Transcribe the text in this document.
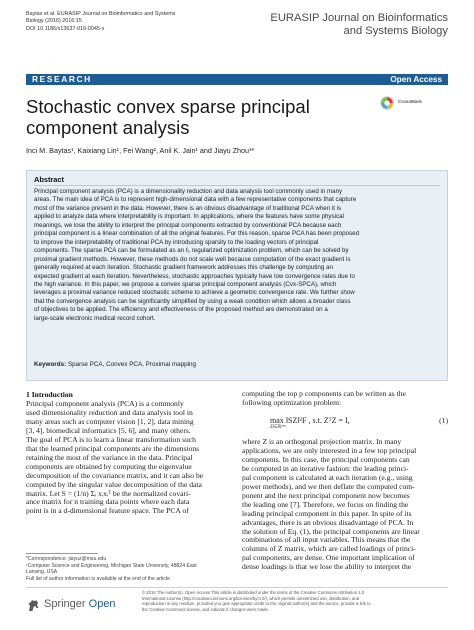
Baytas et al. EURASIP Journal on Bioinformatics and Systems
Biology (2016) 2016:15
DOI 10.1186/s13637-016-0045-x
EURASIP Journal on Bioinformatics
and Systems Biology
RESEARCH	Open Access
Stochastic convex sparse principal
component analysis
CrossMark
Inci M. Baytas¹, Kaixiang Lin¹, Fei Wang², Anil K. Jain¹ and Jiayu Zhou¹*
Abstract
Principal component analysis (PCA) is a dimensionality reduction and data analysis tool commonly used in many
areas. The main idea of PCA is to represent high-dimensional data with a few representative components that capture
most of the variance present in the data. However, there is an obvious disadvantage of traditional PCA when it is
applied to analyze data where interpretability is important. In applications, where the features have some physical
meanings, we lose the ability to interpret the principal components extracted by conventional PCA because each
principal component is a linear combination of all the original features. For this reason, sparse PCA has been proposed
to improve the interpretability of traditional PCA by introducing sparsity to the loading vectors of principal
components. The sparse PCA can be formulated as an ℓ₁ regularized optimization problem, which can be solved by
proximal gradient methods. However, these methods do not scale well because computation of the exact gradient is
generally required at each iteration. Stochastic gradient framework addresses this challenge by computing an
expected gradient at each iteration. Nevertheless, stochastic approaches typically have low convergence rates due to
the high variance. In this paper, we propose a convex sparse principal component analysis (Cvx-SPCA), which
leverages a proximal variance reduced stochastic scheme to achieve a geometric convergence rate. We further show
that the convergence analysis can be significantly simplified by using a weak condition which allows a broader class
of objectives to be applied. The efficiency and effectiveness of the proposed method are demonstrated on a
large-scale electronic medical record cohort.
Keywords: Sparse PCA, Convex PCA, Proximal mapping
1 Introduction
Principal component analysis (PCA) is a commonly
used dimensionality reduction and data analysis tool in
many areas such as computer vision [1, 2], data mining
[3, 4], biomedical informatics [5, 6], and many others.
The goal of PCA is to learn a linear transformation such
that the learned principal components are the dimensions
retaining the most of the variance in the data. Principal
components are obtained by computing the eigenvalue
decomposition of the covariance matrix, and it can also be
computed by the singular value decomposition of the data
matrix. Let S = (1/n) Σᵢ xᵢxᵢᵀ be the normalized covari-
ance matrix for n training data points where each data
point is in a d-dimensional feature space. The PCA of
computing the top p components can be written as the
following optimization problem:
max ‖SZ‖²F , s.t. ZᵀZ = I,
Z∈ℝᵈˣᵖ
(1)
where Z is an orthogonal projection matrix. In many
applications, we are only interested in a few top principal
components. In this case, the principal components can
be computed in an iterative fashion: the leading princi-
pal component is calculated at each iteration (e.g., using
power methods), and we then deflate the computed com-
ponent and the next principal component now becomes
the leading one [7]. Therefore, we focus on finding the
leading principal component in this paper. In spite of its
advantages, there is an obvious disadvantage of PCA. In
the solution of Eq. (1), the principal components are linear
combinations of all input variables. This means that the
columns of Z matrix, which are called loadings of princi-
pal components, are dense. One important implication of
dense loadings is that we lose the ability to interpret the
*Correspondence: jiayuz@msu.edu
¹Computer Science and Engineering, Michigan State University, 48824 East
Lansing, USA
Full list of author information is available at the end of the article
Springer Open
© 2016 The Author(s). Open Access This article is distributed under the terms of the Creative Commons Attribution 4.0
International License (http://creativecommons.org/licenses/by/4.0/), which permits unrestricted use, distribution, and
reproduction in any medium, provided you give appropriate credit to the original author(s) and the source, provide a link to
the Creative Commons license, and indicate if changes were made.
